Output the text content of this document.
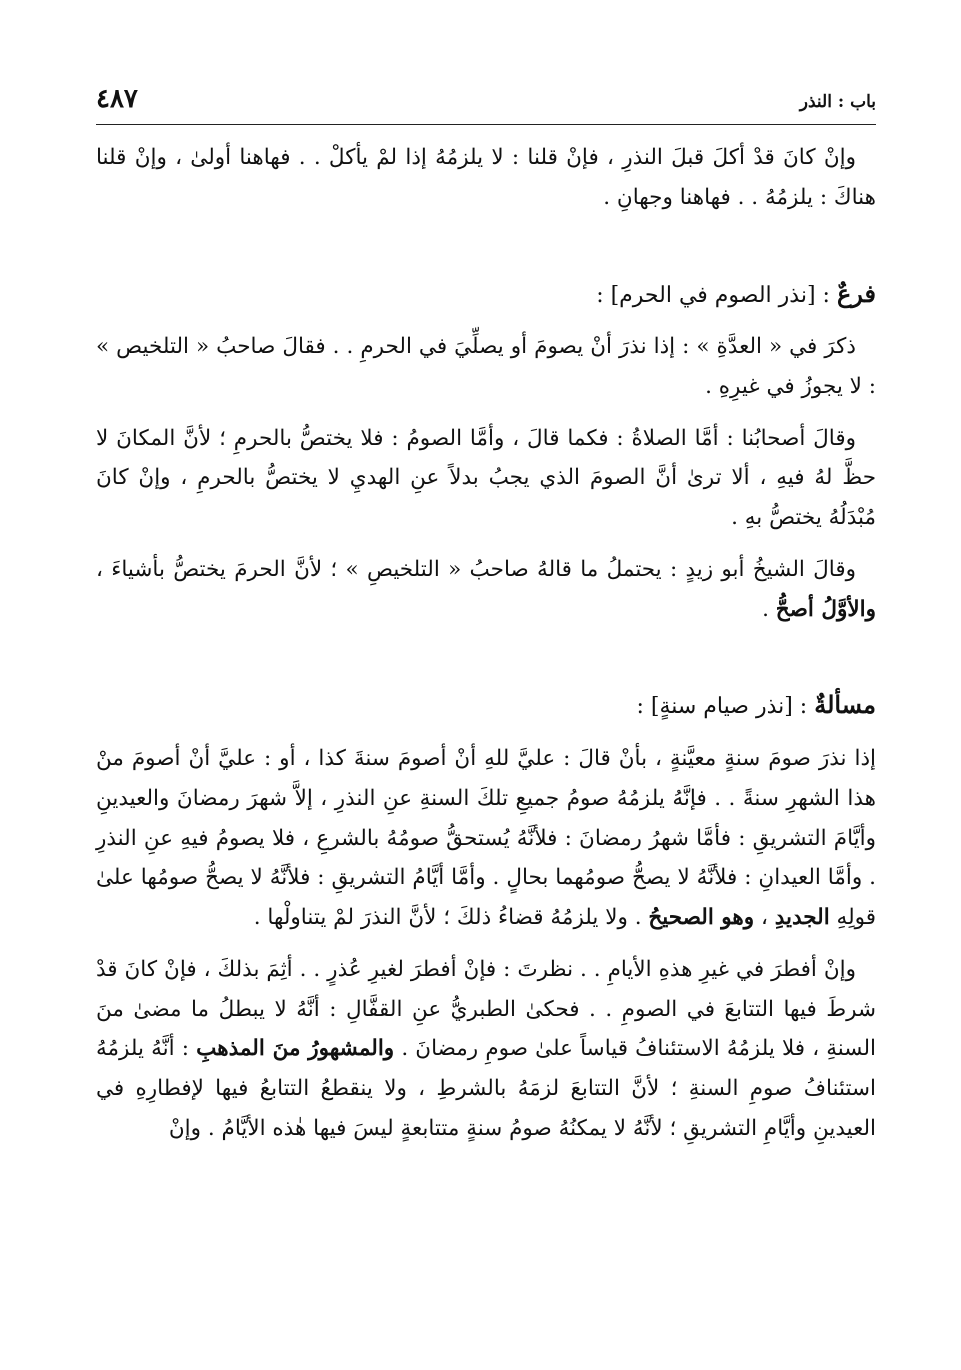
باب : النذر
٤٨٧

وإنْ كانَ قدْ أكلَ قبلَ النذرِ ، فإنْ قلنا : لا يلزمُهُ إذا لمْ يأكلْ . . فهاهنا أولىٰ ، وإنْ قلنا هناكَ : يلزمُهُ . . فهاهنا وجهانِ .

فرعٌ : [نذر الصوم في الحرم] :

ذكرَ في « العدَّةِ » : إذا نذرَ أنْ يصومَ أو يصلِّيَ في الحرمِ . . فقالَ صاحبُ « التلخيص » : لا يجوزُ في غيرِهِ .

وقالَ أصحابُنا : أمَّا الصلاةُ : فكما قالَ ، وأمَّا الصومُ : فلا يختصُّ بالحرمِ ؛ لأنَّ المكانَ لا حظَّ لهُ فيهِ ، ألا ترىٰ أنَّ الصومَ الذي يجبُ بدلاً عنِ الهديِ لا يختصُّ بالحرمِ ، وإنْ كانَ مُبْدَلُهُ يختصُّ بهِ .

وقالَ الشيخُ أبو زيدٍ : يحتملُ ما قالهُ صاحبُ « التلخيصِ » ؛ لأنَّ الحرمَ يختصُّ بأشياءَ ، والأوَّلُ أصحُّ .

مسألةٌ : [نذر صيام سنةٍ] :

إذا نذرَ صومَ سنةٍ معيَّنةٍ ، بأنْ قالَ : عليَّ للهِ أنْ أصومَ سنةَ كذا ، أو : عليَّ أنْ أصومَ منْ هذا الشهرِ سنةً . . فإنَّهُ يلزمُهُ صومُ جميعِ تلكَ السنةِ عنِ النذرِ ، إلاَّ شهرَ رمضانَ والعيدينِ وأيَّامَ التشريقِ : فأمَّا شهرُ رمضانَ : فلأنَّهُ يُستحقُّ صومُهُ بالشرعِ ، فلا يصومُ فيهِ عنِ النذرِ . وأمَّا العيدانِ : فلأنَّهُ لا يصحُّ صومُهما بحالٍ . وأمَّا أيَّامُ التشريقِ : فلأنَّهُ لا يصحُّ صومُها علىٰ قولِهِ الجديدِ ، وهو الصحيحُ . ولا يلزمُهُ قضاءُ ذلكَ ؛ لأنَّ النذرَ لمْ يتناولْها .

وإنْ أفطرَ في غيرِ هذهِ الأيامِ . . نظرتَ : فإنْ أفطرَ لغيرِ عُذرٍ . . أثِمَ بذلكَ ، فإنْ كانَ قدْ شرطَ فيها التتابعَ في الصومِ . . فحكىٰ الطبريُّ عنِ القفَّالِ : أنَّهُ لا يبطلُ ما مضىٰ منَ السنةِ ، فلا يلزمُهُ الاستئنافُ قياساً علىٰ صومِ رمضانَ . والمشهورُ منَ المذهبِ : أنَّهُ يلزمُهُ استئنافُ صومِ السنةِ ؛ لأنَّ التتابعَ لزمَهُ بالشرطِ ، ولا ينقطعُ التتابعُ فيها لإفطارِهِ في العيدينِ وأيَّامِ التشريقِ ؛ لأنَّهُ لا يمكنُهُ صومُ سنةٍ متتابعةٍ ليسَ فيها هٰذه الأيَّامُ . وإنْ
